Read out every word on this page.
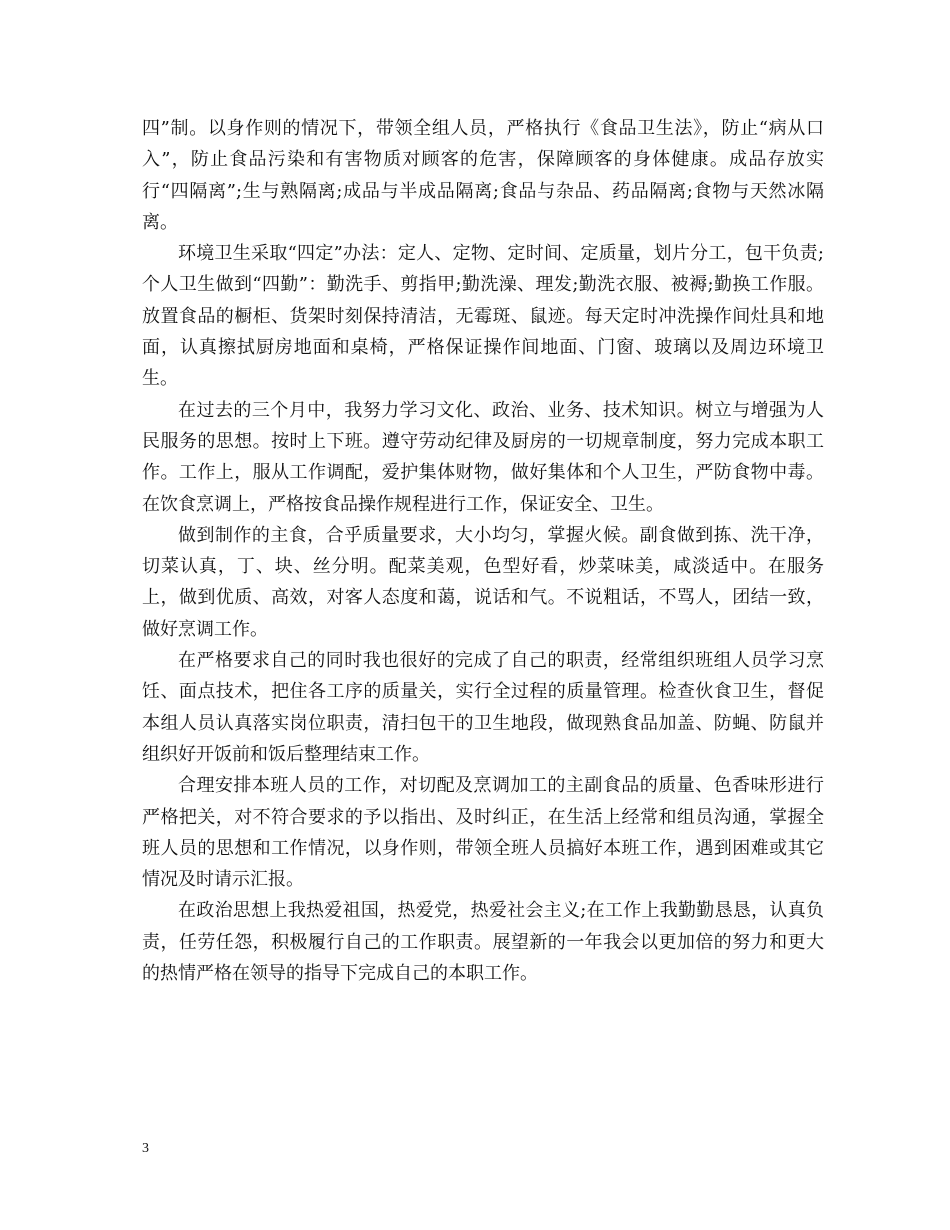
四”制。以身作则的情况下，带领全组人员，严格执行《食品卫生法》，防止“病从口入”，防止食品污染和有害物质对顾客的危害，保障顾客的身体健康。成品存放实行“四隔离”;生与熟隔离;成品与半成品隔离;食品与杂品、药品隔离;食物与天然冰隔离。

环境卫生采取“四定”办法：定人、定物、定时间、定质量，划片分工，包干负责;个人卫生做到“四勤”：勤洗手、剪指甲;勤洗澡、理发;勤洗衣服、被褥;勤换工作服。放置食品的橱柜、货架时刻保持清洁，无霉斑、鼠迹。每天定时冲洗操作间灶具和地面，认真擦拭厨房地面和桌椅，严格保证操作间地面、门窗、玻璃以及周边环境卫生。

在过去的三个月中，我努力学习文化、政治、业务、技术知识。树立与增强为人民服务的思想。按时上下班。遵守劳动纪律及厨房的一切规章制度，努力完成本职工作。工作上，服从工作调配，爱护集体财物，做好集体和个人卫生，严防食物中毒。在饮食烹调上，严格按食品操作规程进行工作，保证安全、卫生。

做到制作的主食，合乎质量要求，大小均匀，掌握火候。副食做到拣、洗干净，切菜认真，丁、块、丝分明。配菜美观，色型好看，炒菜味美，咸淡适中。在服务上，做到优质、高效，对客人态度和蔼，说话和气。不说粗话，不骂人，团结一致，做好烹调工作。

在严格要求自己的同时我也很好的完成了自己的职责，经常组织班组人员学习烹饪、面点技术，把住各工序的质量关，实行全过程的质量管理。检查伙食卫生，督促本组人员认真落实岗位职责，清扫包干的卫生地段，做现熟食品加盖、防蝇、防鼠并组织好开饭前和饭后整理结束工作。

合理安排本班人员的工作，对切配及烹调加工的主副食品的质量、色香味形进行严格把关，对不符合要求的予以指出、及时纠正，在生活上经常和组员沟通，掌握全班人员的思想和工作情况，以身作则，带领全班人员搞好本班工作，遇到困难或其它情况及时请示汇报。

在政治思想上我热爱祖国，热爱党，热爱社会主义;在工作上我勤勤恳恳，认真负责，任劳任怨，积极履行自己的工作职责。展望新的一年我会以更加倍的努力和更大的热情严格在领导的指导下完成自己的本职工作。

3
